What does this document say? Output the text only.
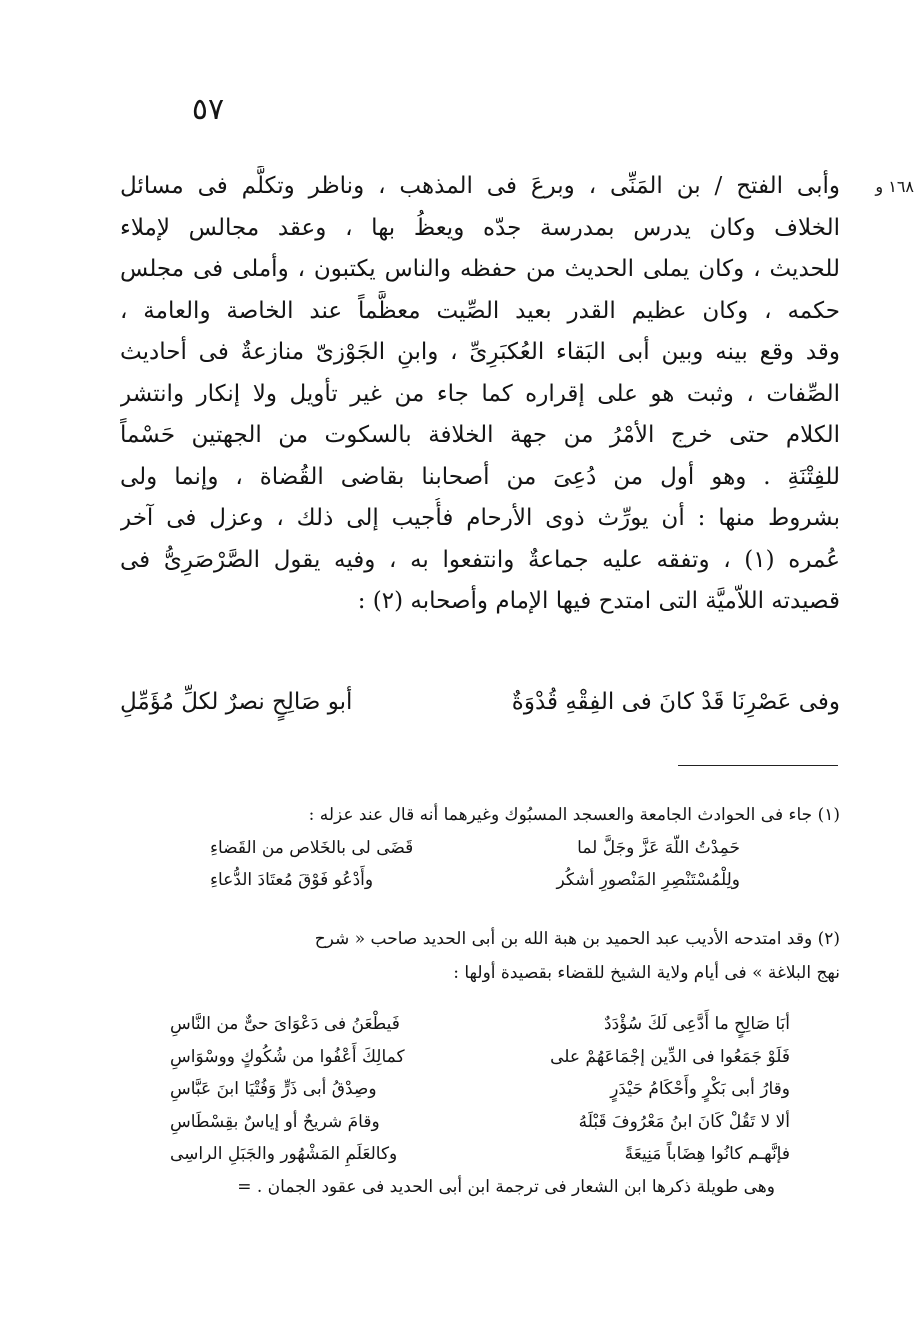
٥٧
١٦٨ و
وأبى الفتح / بن المَنِّى ، وبرعَ فى المذهب ، وناظر وتكلَّم فى مسائل
الخلاف وكان يدرس بمدرسة جدّه ويعظُ بها ، وعقد مجالس لإملاء
للحديث ، وكان يملى الحديث من حفظه والناس يكتبون ، وأملى فى مجلس
حكمه ، وكان عظيم القدر بعيد الصِّيت معظَّماً عند الخاصة والعامة ،
وقد وقع بينه وبين أبى البَقاء العُكبَرِىِّ ، وابنِ الجَوْزىّ منازعةٌ فى أحاديث
الصِّفات ، وثبت هو على إقراره كما جاء من غير تأويل ولا إنكار وانتشر
الكلام حتى خرج الأمْرُ من جهة الخلافة بالسكوت من الجهتين حَسْماً
للفِتْنَةِ . وهو أول من دُعِىَ من أصحابنا بقاضى القُضاة ، وإنما ولى
بشروط منها : أن يورِّث ذوى الأرحام فأُجيب إلى ذلك ، وعزل فى آخر
عُمره (١) ، وتفقه عليه جماعةٌ وانتفعوا به ، وفيه يقول الصَّرْصَرِىُّ فى
قصيدته اللاّميَّة التى امتدح فيها الإمام وأصحابه (٢) :
وفى عَصْرِنَا قَدْ كانَ فى الفِقْهِ قُدْوَةٌ
أبو صَالِحٍ نصرٌ لكلِّ مُؤَمِّلِ
(١) جاء فى الحوادث الجامعة والعسجد المسبُوك وغيرهما أنه قال عند عزله :
حَمِدْتُ اللّهَ عَزَّ وجَلَّ لما
قَضَى لى بالخَلاص من القَضاءِ
ولِلْمُسْتَنْصِرِ المَنْصورِ أشكُر
وأَدْعُو فَوْقَ مُعتَادَ الدُّعاءِ
(٢) وقد امتدحه الأديب عبد الحميد بن هبة الله بن أبى الحديد صاحب « شرح
نهج البلاغة » فى أيام ولاية الشيخ للقضاء بقصيدة أولها :
أبَا صَالِحٍ ما أَدَّعِى لَكَ سُؤْدَدٌ
فَيطْعَنُ فى دَعْوَاىَ حىٌّ من النَّاسِ
فَلَوْ جَمَعُوا فى الدِّين إجْمَاعَهُمْ على
كمالِكَ أَعْفُوا من شُكُوكٍ ووسْوَاسِ
وقارُ أبى بَكْرٍ وأَحْكَامُ حَيْدَرٍ
وصِدْقُ أبى ذَرٍّ وَفُتْيَا ابنَ عَبَّاسِ
ألا لا تَقُلْ كَانَ ابنُ مَعْرُوفَ قَبْلَهُ
وقامَ شريحٌ أو إياسٌ بقِسْطَاسِ
فإنَّهـم كانُوا هِضَاباً مَنِيعَةً
وكالعَلَمِ المَشْهُور والجَبَلِ الراسِى
وهى طويلة ذكرها ابن الشعار فى ترجمة ابن أبى الحديد فى عقود الجمان . =
